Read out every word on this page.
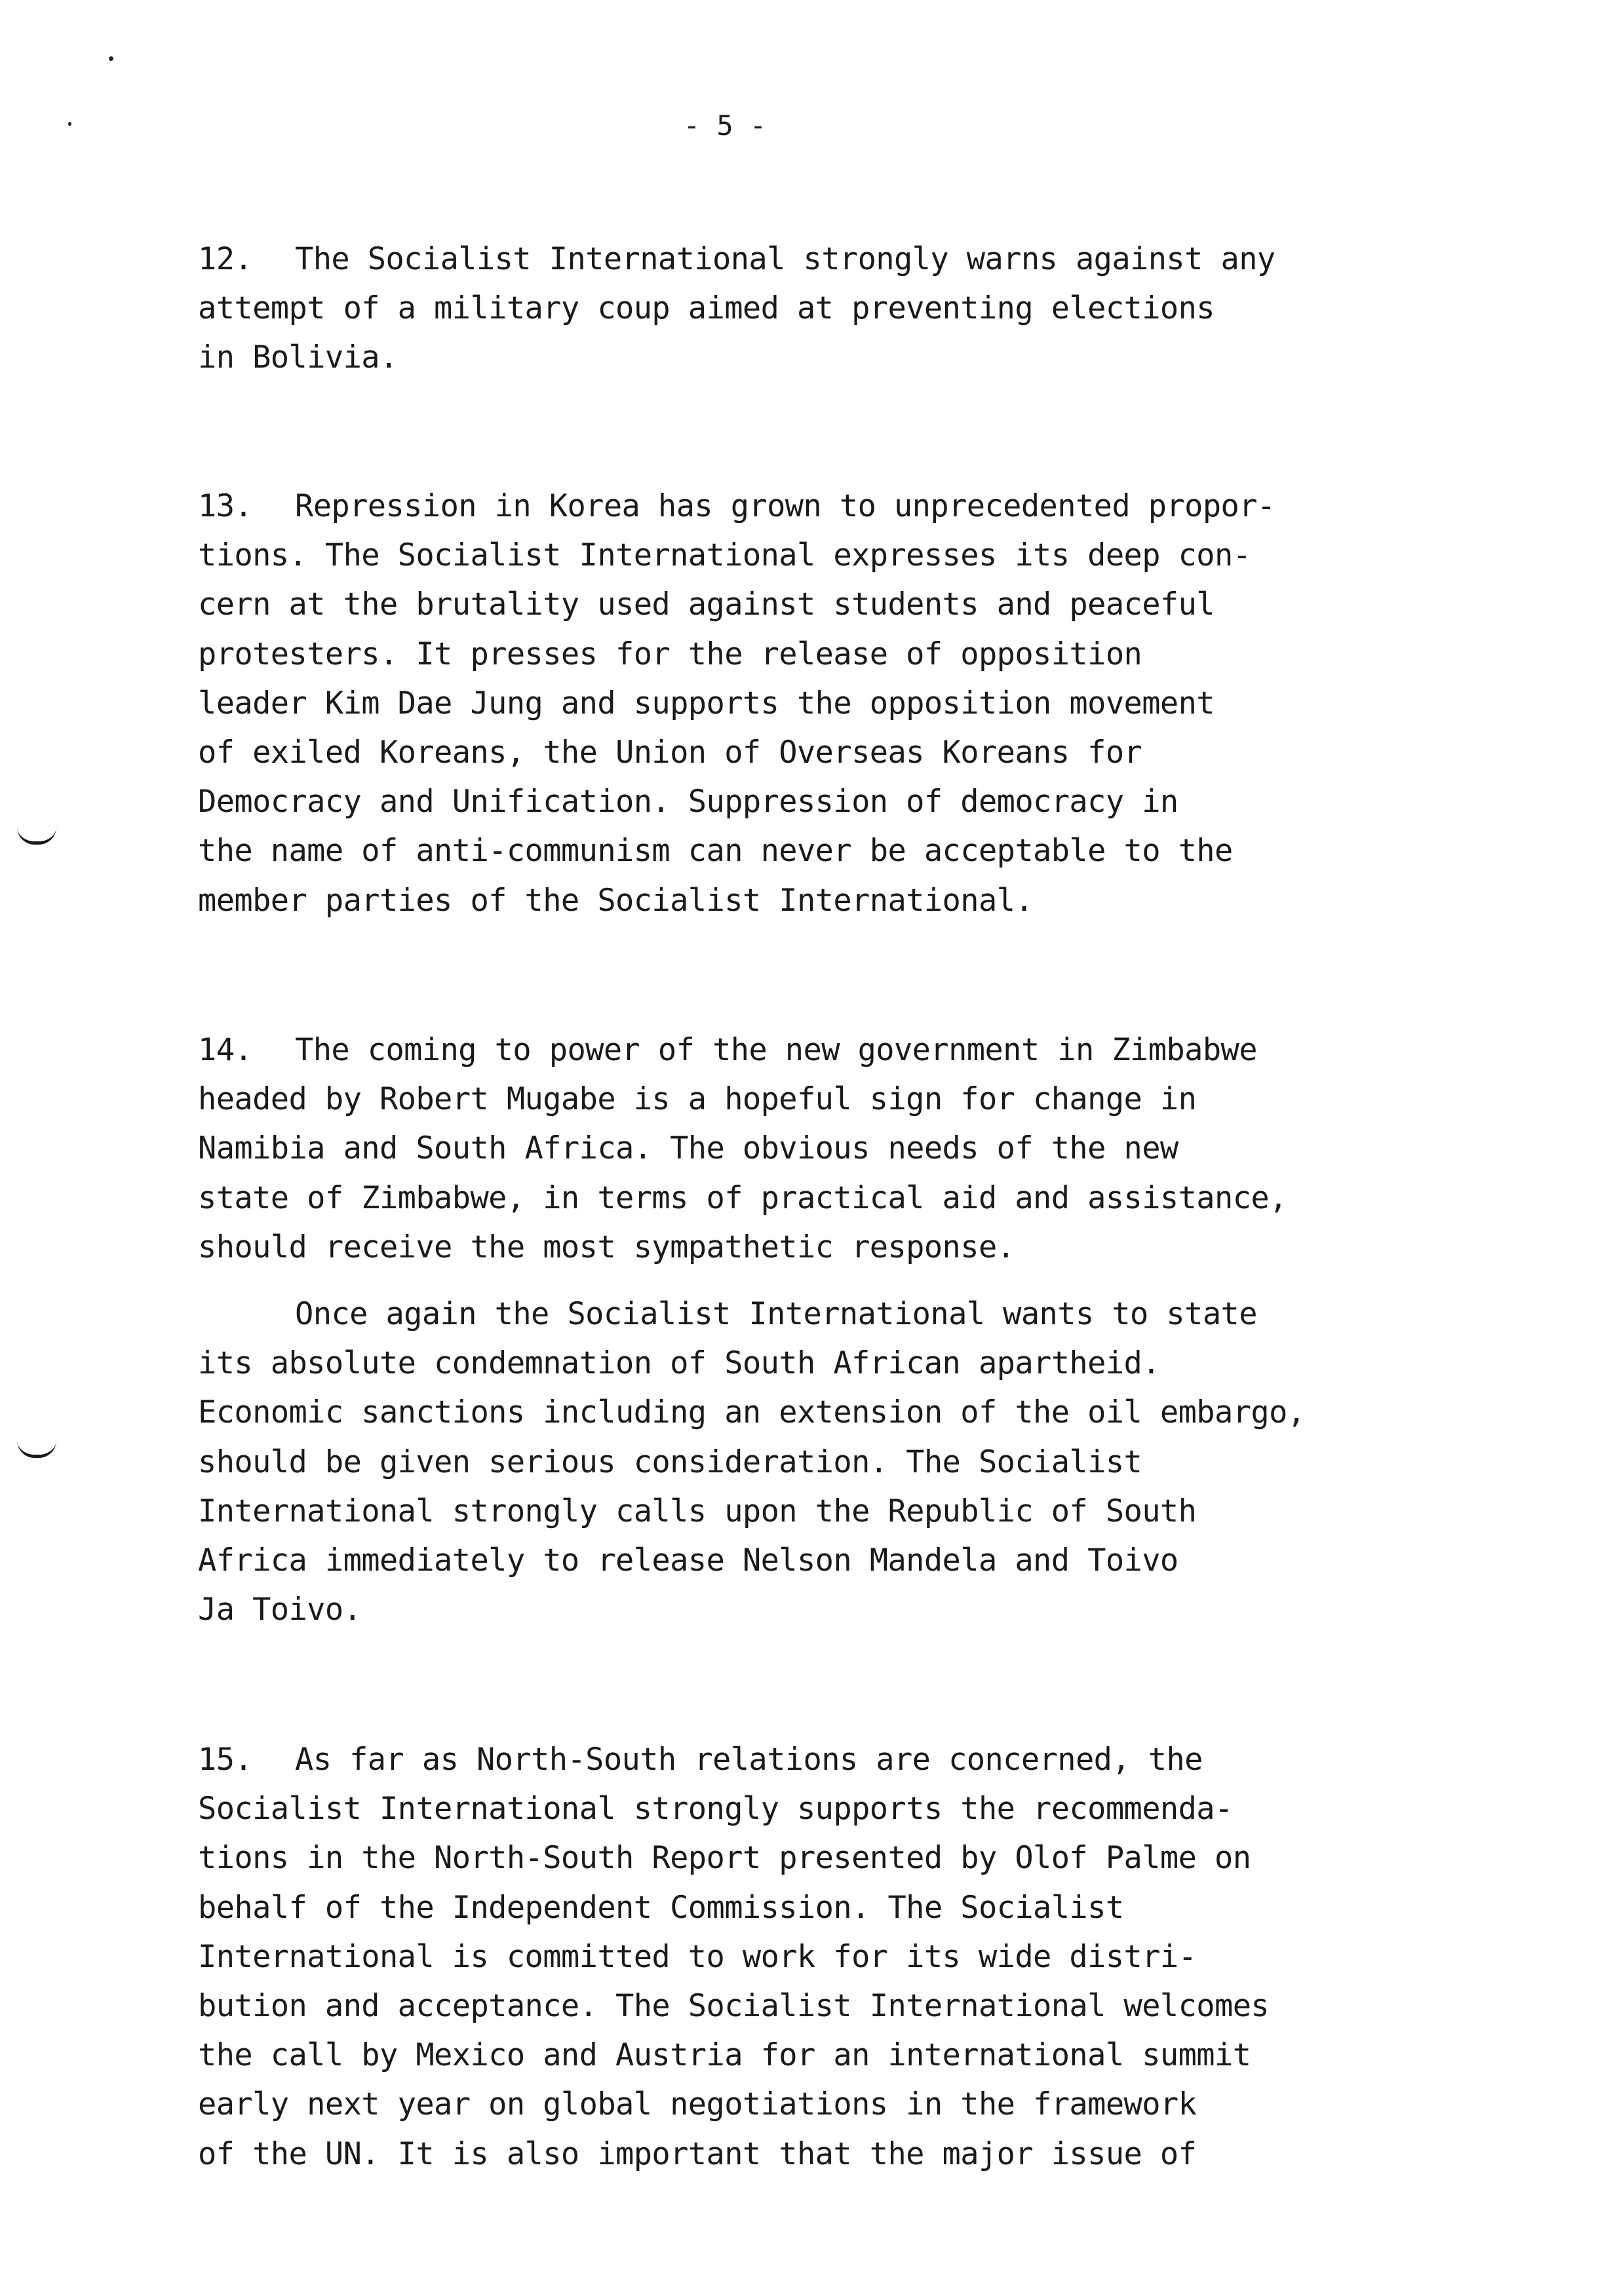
- 5 -
12. The Socialist International strongly warns against any
attempt of a military coup aimed at preventing elections
in Bolivia.
13. Repression in Korea has grown to unprecedented propor-
tions. The Socialist International expresses its deep con-
cern at the brutality used against students and peaceful
protesters. It presses for the release of opposition
leader Kim Dae Jung and supports the opposition movement
of exiled Koreans, the Union of Overseas Koreans for
Democracy and Unification. Suppression of democracy in
the name of anti-communism can never be acceptable to the
member parties of the Socialist International.
14. The coming to power of the new government in Zimbabwe
headed by Robert Mugabe is a hopeful sign for change in
Namibia and South Africa. The obvious needs of the new
state of Zimbabwe, in terms of practical aid and assistance,
should receive the most sympathetic response.
Once again the Socialist International wants to state
its absolute condemnation of South African apartheid.
Economic sanctions including an extension of the oil embargo,
should be given serious consideration. The Socialist
International strongly calls upon the Republic of South
Africa immediately to release Nelson Mandela and Toivo
Ja Toivo.
15. As far as North-South relations are concerned, the
Socialist International strongly supports the recommenda-
tions in the North-South Report presented by Olof Palme on
behalf of the Independent Commission. The Socialist
International is committed to work for its wide distri-
bution and acceptance. The Socialist International welcomes
the call by Mexico and Austria for an international summit
early next year on global negotiations in the framework
of the UN. It is also important that the major issue of
